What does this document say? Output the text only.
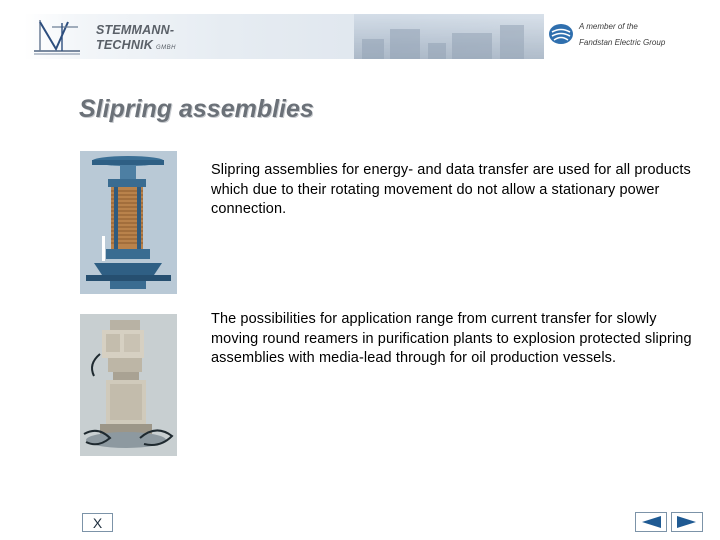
STEMMANN-
TECHNIK GMBH
A member of the
Fandstan Electric Group
Slipring assemblies

Slipring assemblies for energy- and data transfer are used for all products which due to their rotating movement do not allow a stationary power connection.

The possibilities for application range from current transfer for slowly moving round reamers in purification plants to explosion protected slipring assemblies with media-lead through for oil production vessels.

X
